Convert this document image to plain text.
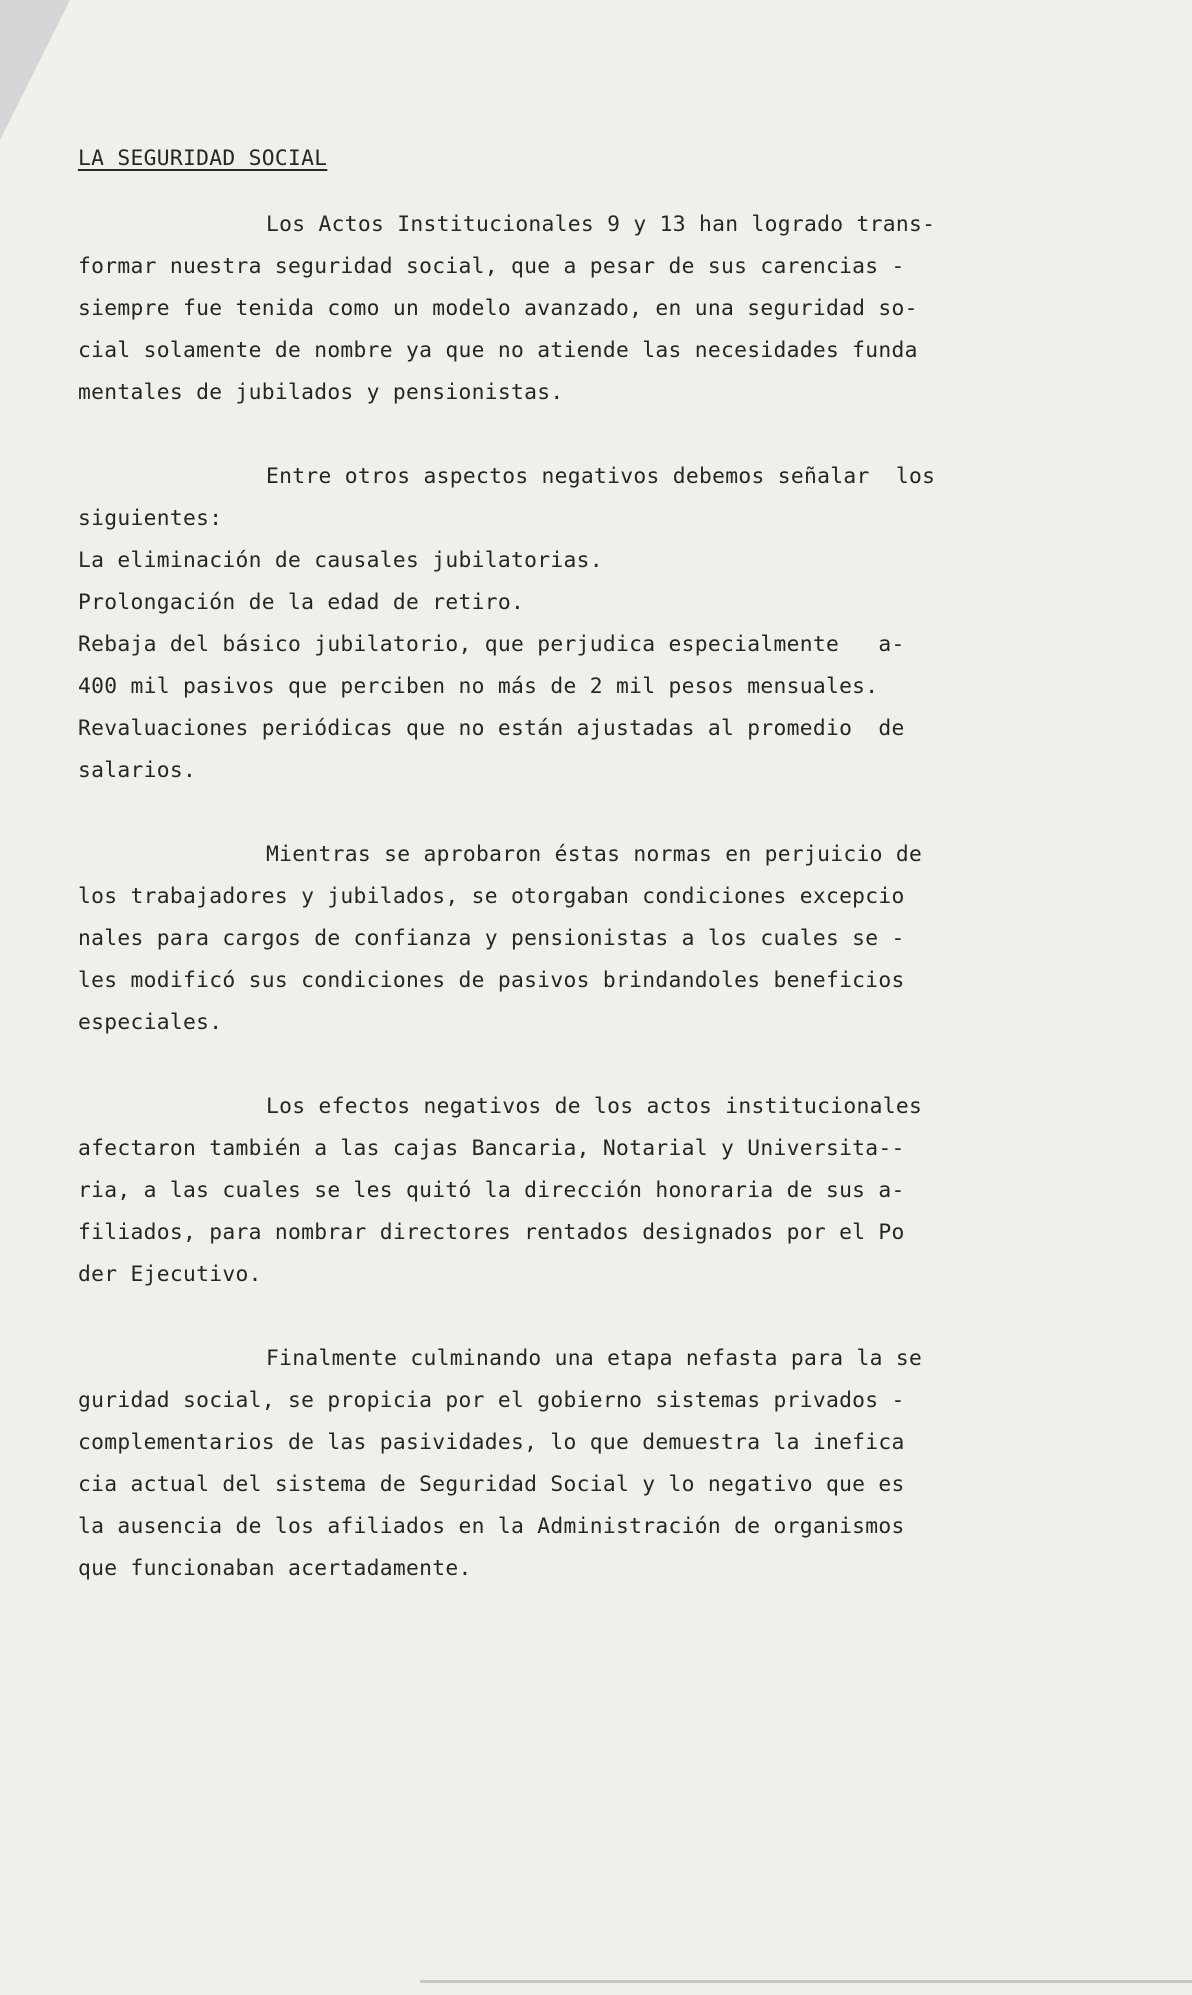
LA SEGURIDAD SOCIAL
Los Actos Institucionales 9 y 13 han logrado trans-
formar nuestra seguridad social, que a pesar de sus carencias -
siempre fue tenida como un modelo avanzado, en una seguridad so-
cial solamente de nombre ya que no atiende las necesidades funda
mentales de jubilados y pensionistas.
Entre otros aspectos negativos debemos señalar  los
siguientes:
La eliminación de causales jubilatorias.
Prolongación de la edad de retiro.
Rebaja del básico jubilatorio, que perjudica especialmente   a-
400 mil pasivos que perciben no más de 2 mil pesos mensuales.
Revaluaciones periódicas que no están ajustadas al promedio  de
salarios.
Mientras se aprobaron éstas normas en perjuicio de
los trabajadores y jubilados, se otorgaban condiciones excepcio
nales para cargos de confianza y pensionistas a los cuales se -
les modificó sus condiciones de pasivos brindandoles beneficios
especiales.
Los efectos negativos de los actos institucionales
afectaron también a las cajas Bancaria, Notarial y Universita--
ria, a las cuales se les quitó la dirección honoraria de sus a-
filiados, para nombrar directores rentados designados por el Po
der Ejecutivo.
Finalmente culminando una etapa nefasta para la se
guridad social, se propicia por el gobierno sistemas privados -
complementarios de las pasividades, lo que demuestra la inefica
cia actual del sistema de Seguridad Social y lo negativo que es
la ausencia de los afiliados en la Administración de organismos
que funcionaban acertadamente.
